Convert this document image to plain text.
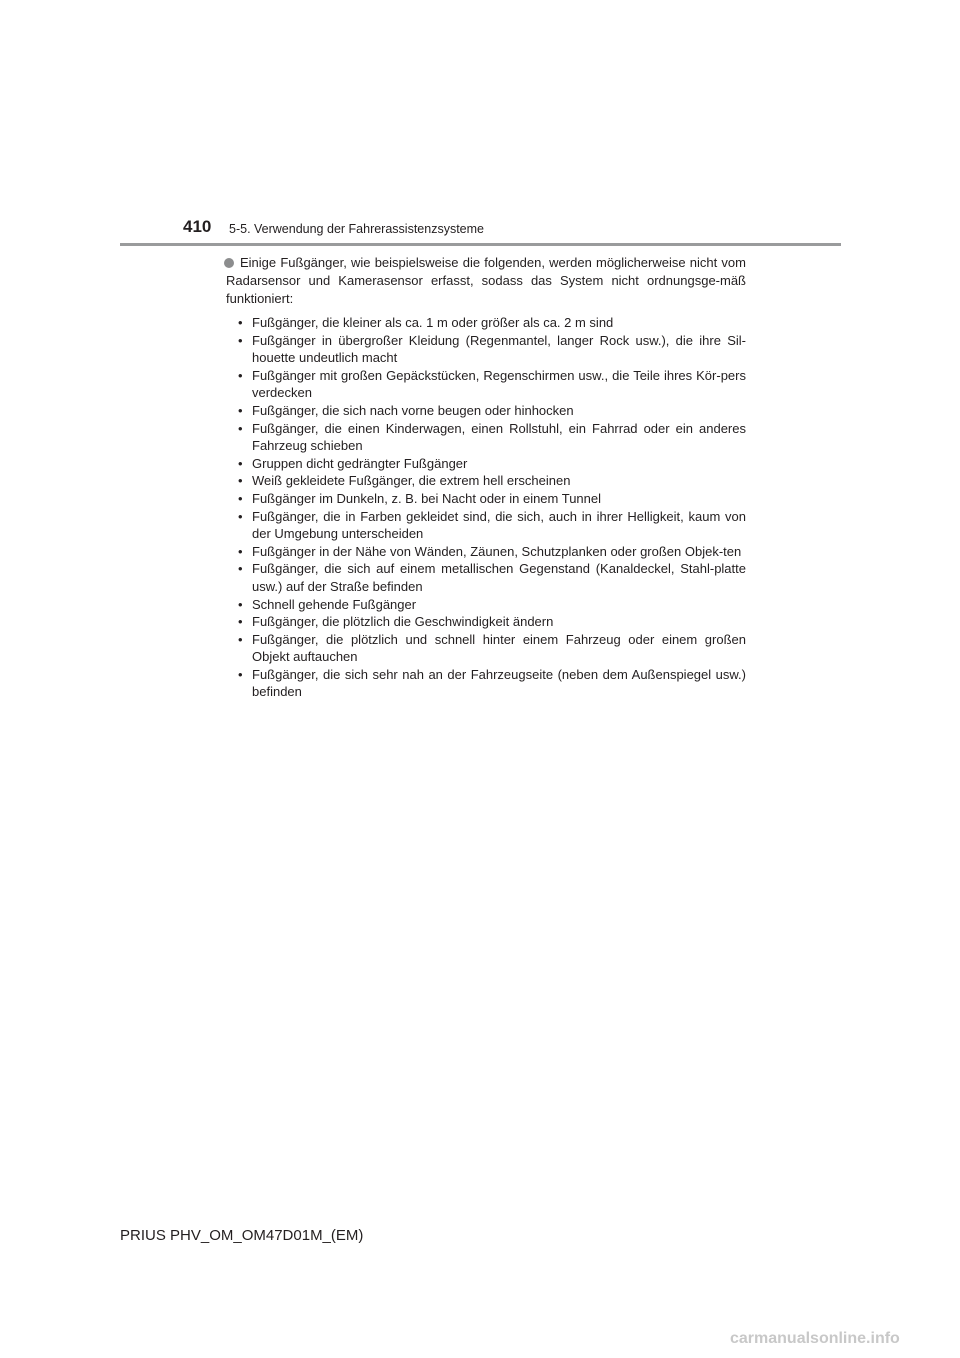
410 5-5. Verwendung der Fahrerassistenzsysteme
Einige Fußgänger, wie beispielsweise die folgenden, werden möglicherweise nicht vom Radarsensor und Kamerasensor erfasst, sodass das System nicht ordnungsge-mäß funktioniert:
• Fußgänger, die kleiner als ca. 1 m oder größer als ca. 2 m sind
• Fußgänger in übergroßer Kleidung (Regenmantel, langer Rock usw.), die ihre Sil-houette undeutlich macht
• Fußgänger mit großen Gepäckstücken, Regenschirmen usw., die Teile ihres Kör-pers verdecken
• Fußgänger, die sich nach vorne beugen oder hinhocken
• Fußgänger, die einen Kinderwagen, einen Rollstuhl, ein Fahrrad oder ein anderes Fahrzeug schieben
• Gruppen dicht gedrängter Fußgänger
• Weiß gekleidete Fußgänger, die extrem hell erscheinen
• Fußgänger im Dunkeln, z. B. bei Nacht oder in einem Tunnel
• Fußgänger, die in Farben gekleidet sind, die sich, auch in ihrer Helligkeit, kaum von der Umgebung unterscheiden
• Fußgänger in der Nähe von Wänden, Zäunen, Schutzplanken oder großen Objek-ten
• Fußgänger, die sich auf einem metallischen Gegenstand (Kanaldeckel, Stahl-platte usw.) auf der Straße befinden
• Schnell gehende Fußgänger
• Fußgänger, die plötzlich die Geschwindigkeit ändern
• Fußgänger, die plötzlich und schnell hinter einem Fahrzeug oder einem großen Objekt auftauchen
• Fußgänger, die sich sehr nah an der Fahrzeugseite (neben dem Außenspiegel usw.) befinden
PRIUS PHV_OM_OM47D01M_(EM)
carmanualsonline.info
